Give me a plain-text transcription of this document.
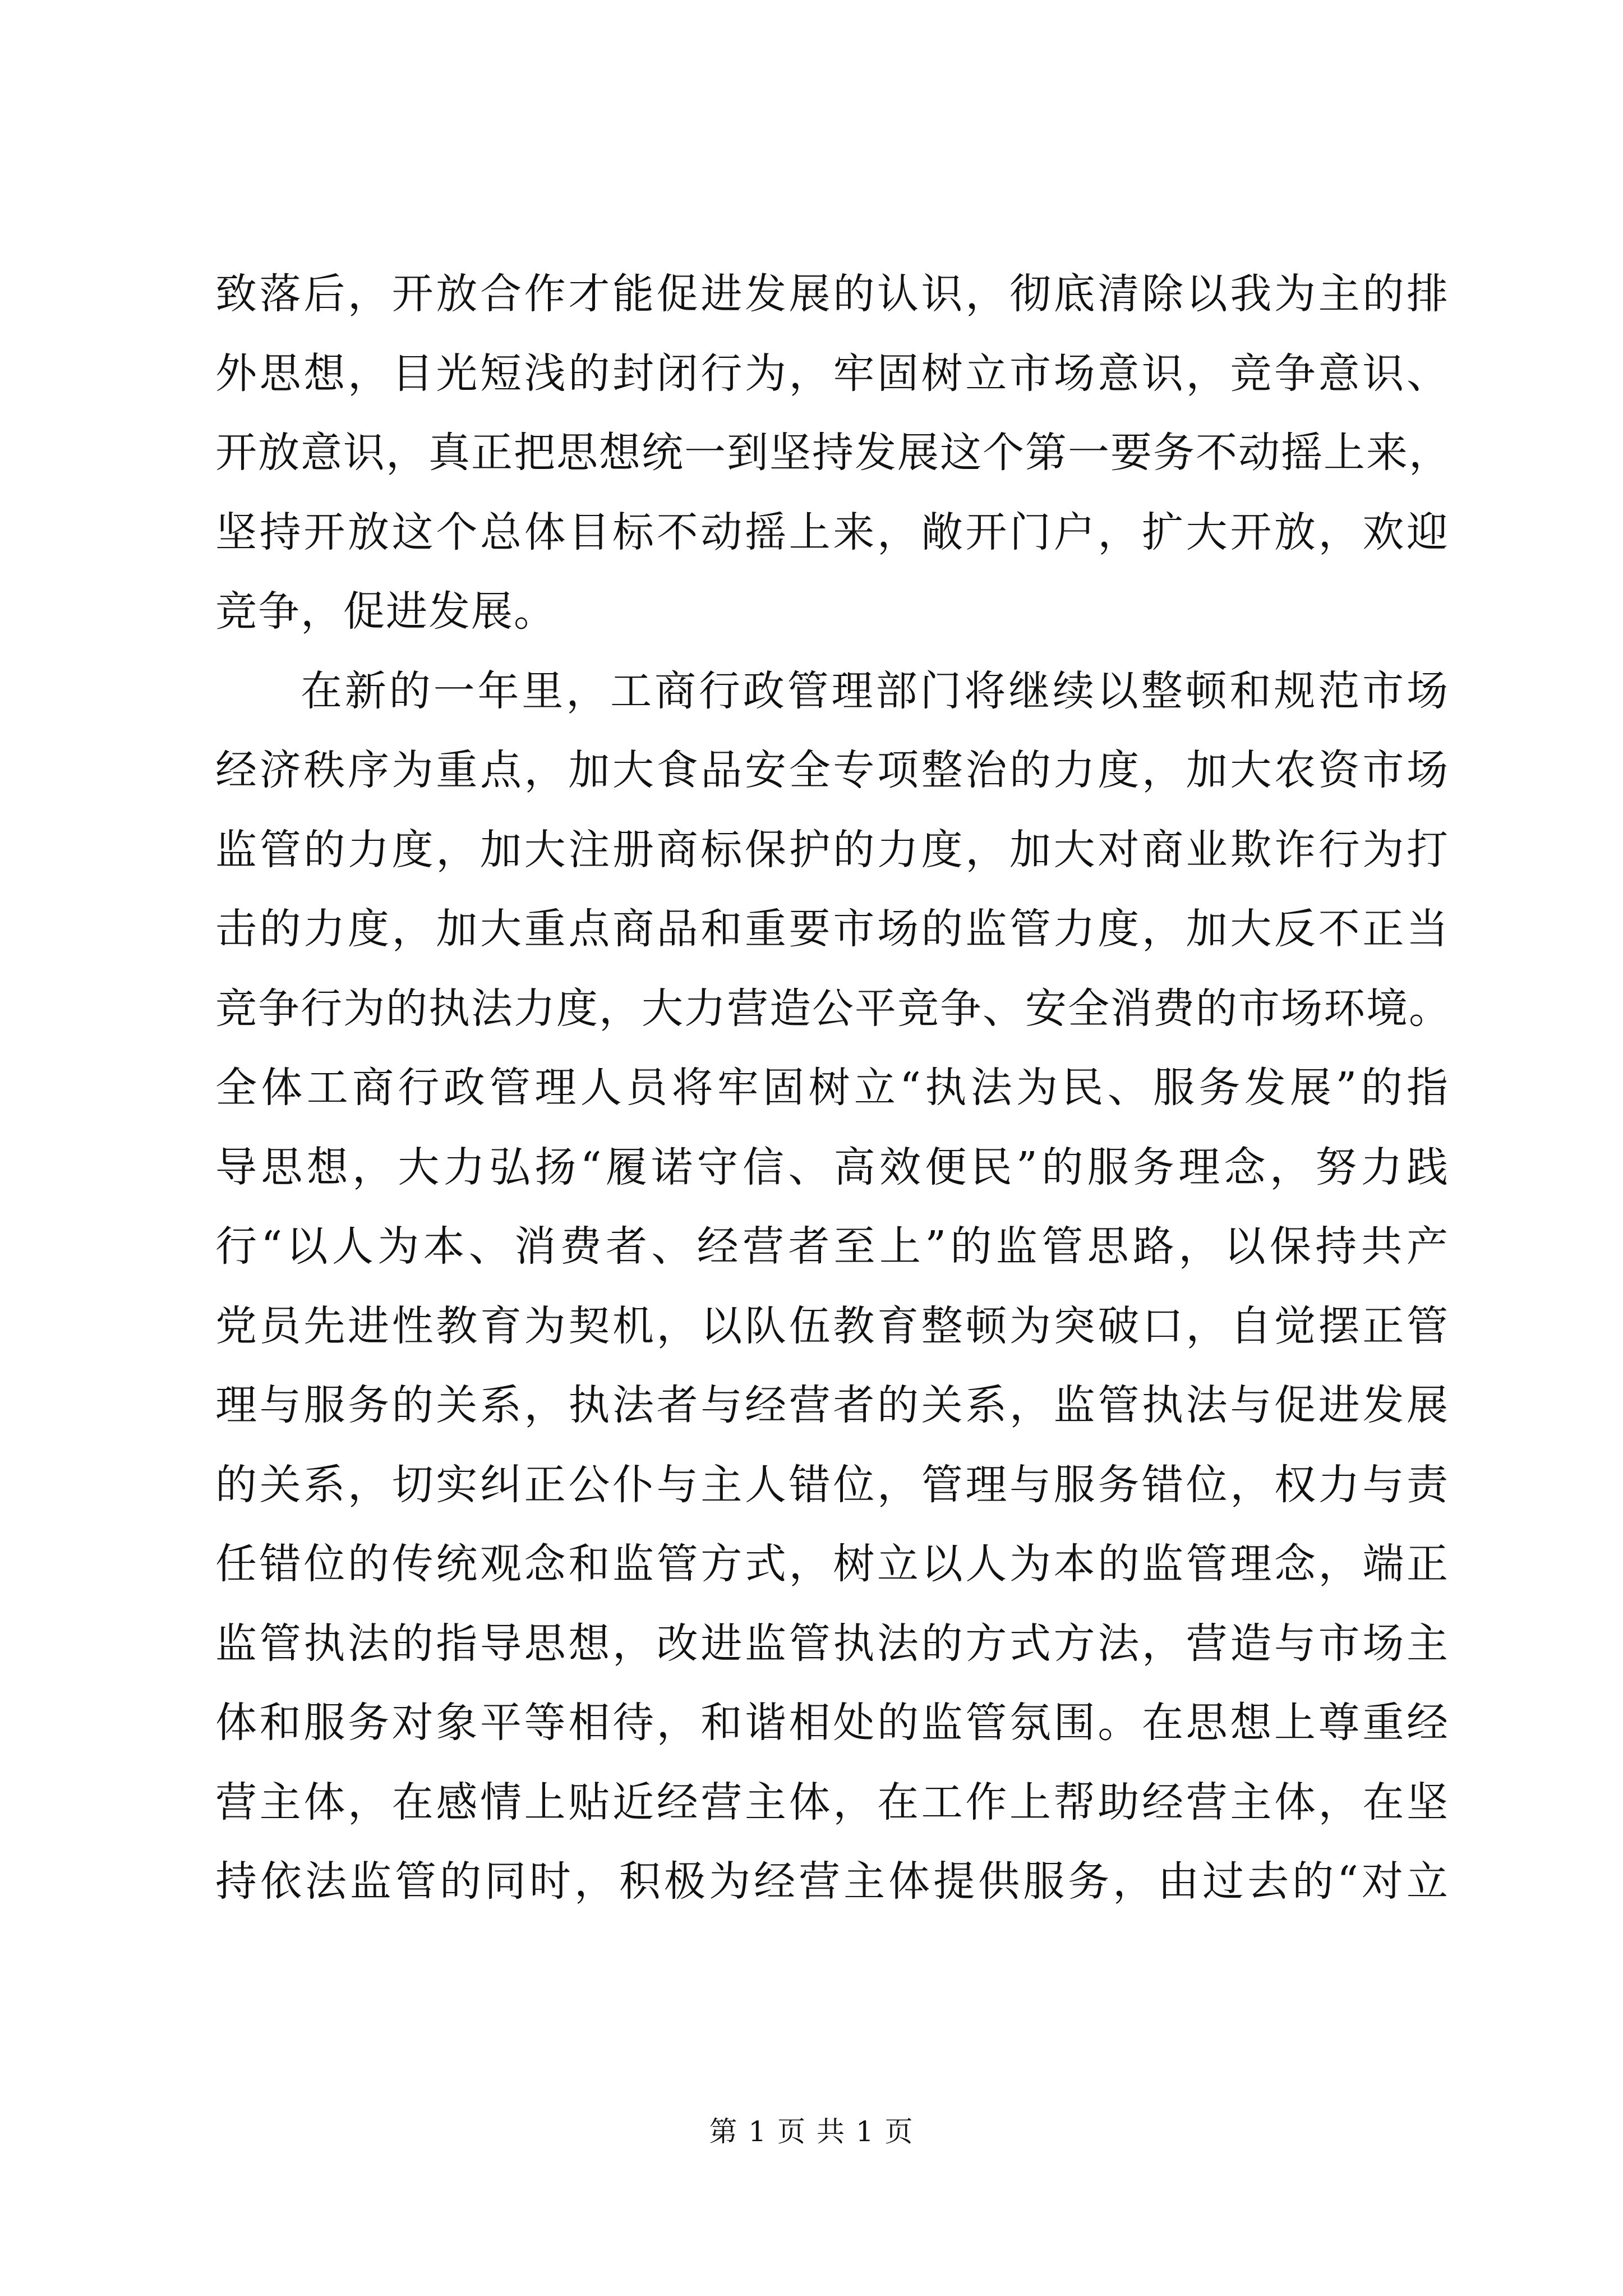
致落后，开放合作才能促进发展的认识，彻底清除以我为主的排
外思想，目光短浅的封闭行为，牢固树立市场意识，竞争意识、
开放意识，真正把思想统一到坚持发展这个第一要务不动摇上来，
坚持开放这个总体目标不动摇上来，敞开门户，扩大开放，欢迎
竞争，促进发展。
在新的一年里，工商行政管理部门将继续以整顿和规范市场
经济秩序为重点，加大食品安全专项整治的力度，加大农资市场
监管的力度，加大注册商标保护的力度，加大对商业欺诈行为打
击的力度，加大重点商品和重要市场的监管力度，加大反不正当
竞争行为的执法力度，大力营造公平竞争、安全消费的市场环境。
全体工商行政管理人员将牢固树立“执法为民、服务发展”的指
导思想，大力弘扬“履诺守信、高效便民”的服务理念，努力践
行“以人为本、消费者、经营者至上”的监管思路，以保持共产
党员先进性教育为契机，以队伍教育整顿为突破口，自觉摆正管
理与服务的关系，执法者与经营者的关系，监管执法与促进发展
的关系，切实纠正公仆与主人错位，管理与服务错位，权力与责
任错位的传统观念和监管方式，树立以人为本的监管理念，端正
监管执法的指导思想，改进监管执法的方式方法，营造与市场主
体和服务对象平等相待，和谐相处的监管氛围。在思想上尊重经
营主体，在感情上贴近经营主体，在工作上帮助经营主体，在坚
持依法监管的同时，积极为经营主体提供服务，由过去的“对立
第 1 页 共 1 页
